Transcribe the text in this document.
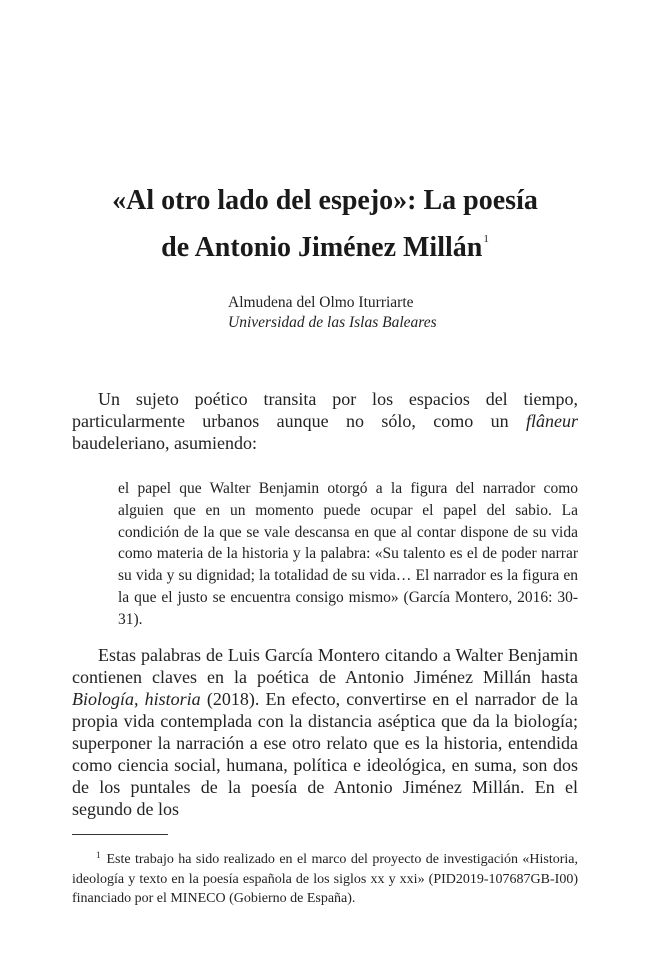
«Al otro lado del espejo»: La poesía
de Antonio Jiménez Millán$^1$
Almudena del Olmo Iturriarte
Universidad de las Islas Baleares
Un sujeto poético transita por los espacios del tiempo, particularmente urbanos aunque no sólo, como un flâneur baudeleriano, asumiendo:
el papel que Walter Benjamin otorgó a la figura del narrador como alguien que en un momento puede ocupar el papel del sabio. La condición de la que se vale descansa en que al contar dispone de su vida como materia de la historia y la palabra: «Su talento es el de poder narrar su vida y su dignidad; la totalidad de su vida… El narrador es la figura en la que el justo se encuentra consigo mismo» (García Montero, 2016: 30-31).
Estas palabras de Luis García Montero citando a Walter Benjamin contienen claves en la poética de Antonio Jiménez Millán hasta Biología, historia (2018). En efecto, convertirse en el narrador de la propia vida contemplada con la distancia aséptica que da la biología; superponer la narración a ese otro relato que es la historia, entendida como ciencia social, humana, política e ideológica, en suma, son dos de los puntales de la poesía de Antonio Jiménez Millán. En el segundo de los
$^1$ Este trabajo ha sido realizado en el marco del proyecto de investigación «Historia, ideología y texto en la poesía española de los siglos xx y xxi» (PID2019-107687GB-I00) financiado por el MINECO (Gobierno de España).
